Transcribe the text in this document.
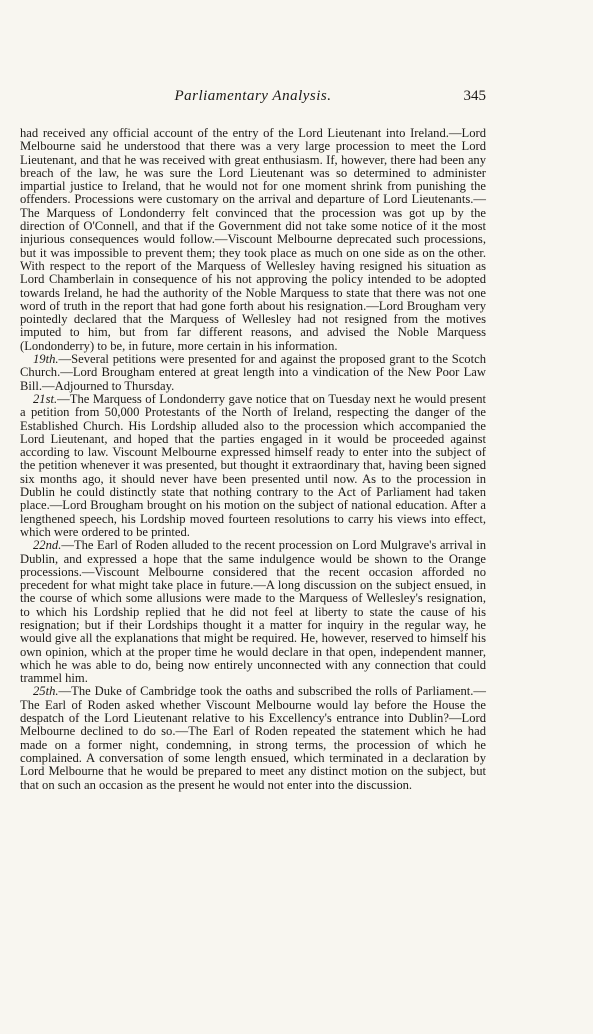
Parliamentary Analysis.	345

had received any official account of the entry of the Lord Lieutenant into Ireland.—Lord Melbourne said he understood that there was a very large procession to meet the Lord Lieutenant, and that he was received with great enthusiasm. If, however, there had been any breach of the law, he was sure the Lord Lieutenant was so determined to administer impartial justice to Ireland, that he would not for one moment shrink from punishing the offenders. Processions were customary on the arrival and departure of Lord Lieutenants.—The Marquess of Londonderry felt convinced that the procession was got up by the direction of O'Connell, and that if the Government did not take some notice of it the most injurious consequences would follow.—Viscount Melbourne deprecated such processions, but it was impossible to prevent them; they took place as much on one side as on the other. With respect to the report of the Marquess of Wellesley having resigned his situation as Lord Chamberlain in consequence of his not approving the policy intended to be adopted towards Ireland, he had the authority of the Noble Marquess to state that there was not one word of truth in the report that had gone forth about his resignation.—Lord Brougham very pointedly declared that the Marquess of Wellesley had not resigned from the motives imputed to him, but from far different reasons, and advised the Noble Marquess (Londonderry) to be, in future, more certain in his information.

19th.—Several petitions were presented for and against the proposed grant to the Scotch Church.—Lord Brougham entered at great length into a vindication of the New Poor Law Bill.—Adjourned to Thursday.

21st.—The Marquess of Londonderry gave notice that on Tuesday next he would present a petition from 50,000 Protestants of the North of Ireland, respecting the danger of the Established Church. His Lordship alluded also to the procession which accompanied the Lord Lieutenant, and hoped that the parties engaged in it would be proceeded against according to law. Viscount Melbourne expressed himself ready to enter into the subject of the petition whenever it was presented, but thought it extraordinary that, having been signed six months ago, it should never have been presented until now. As to the procession in Dublin he could distinctly state that nothing contrary to the Act of Parliament had taken place.—Lord Brougham brought on his motion on the subject of national education. After a lengthened speech, his Lordship moved fourteen resolutions to carry his views into effect, which were ordered to be printed.

22nd.—The Earl of Roden alluded to the recent procession on Lord Mulgrave's arrival in Dublin, and expressed a hope that the same indulgence would be shown to the Orange processions.—Viscount Melbourne considered that the recent occasion afforded no precedent for what might take place in future.—A long discussion on the subject ensued, in the course of which some allusions were made to the Marquess of Wellesley's resignation, to which his Lordship replied that he did not feel at liberty to state the cause of his resignation; but if their Lordships thought it a matter for inquiry in the regular way, he would give all the explanations that might be required. He, however, reserved to himself his own opinion, which at the proper time he would declare in that open, independent manner, which he was able to do, being now entirely unconnected with any connection that could trammel him.

25th.—The Duke of Cambridge took the oaths and subscribed the rolls of Parliament.—The Earl of Roden asked whether Viscount Melbourne would lay before the House the despatch of the Lord Lieutenant relative to his Excellency's entrance into Dublin?—Lord Melbourne declined to do so.—The Earl of Roden repeated the statement which he had made on a former night, condemning, in strong terms, the procession of which he complained. A conversation of some length ensued, which terminated in a declaration by Lord Melbourne that he would be prepared to meet any distinct motion on the subject, but that on such an occasion as the present he would not enter into the discussion.
